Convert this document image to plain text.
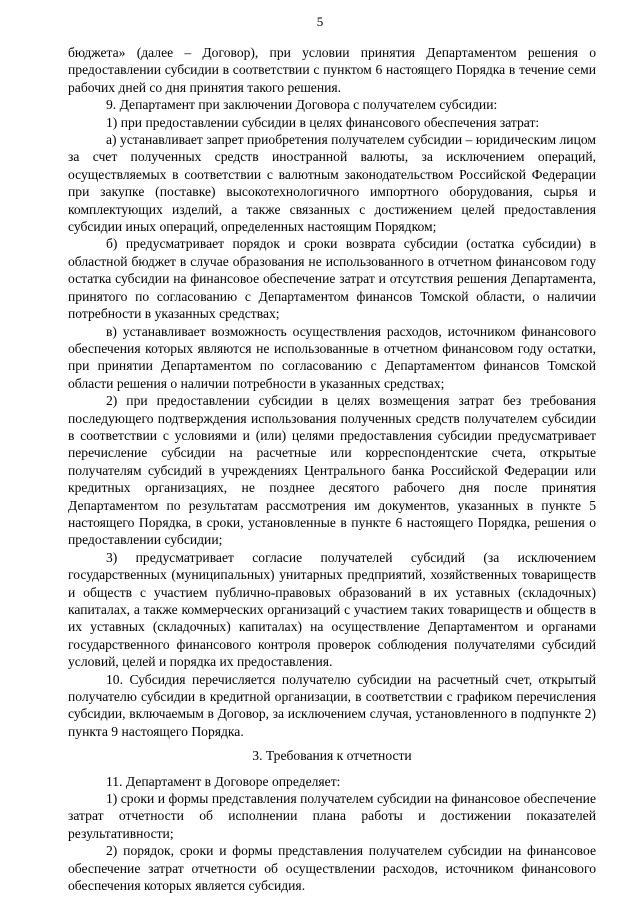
5

бюджета» (далее – Договор), при условии принятия Департаментом решения о предоставлении субсидии в соответствии с пунктом 6 настоящего Порядка в течение семи рабочих дней со дня принятия такого решения.

9. Департамент при заключении Договора с получателем субсидии:

1) при предоставлении субсидии в целях финансового обеспечения затрат:

а) устанавливает запрет приобретения получателем субсидии – юридическим лицом за счет полученных средств иностранной валюты, за исключением операций, осуществляемых в соответствии с валютным законодательством Российской Федерации при закупке (поставке) высокотехнологичного импортного оборудования, сырья и комплектующих изделий, а также связанных с достижением целей предоставления субсидии иных операций, определенных настоящим Порядком;

б) предусматривает порядок и сроки возврата субсидии (остатка субсидии) в областной бюджет в случае образования не использованного в отчетном финансовом году остатка субсидии на финансовое обеспечение затрат и отсутствия решения Департамента, принятого по согласованию с Департаментом финансов Томской области, о наличии потребности в указанных средствах;

в) устанавливает возможность осуществления расходов, источником финансового обеспечения которых являются не использованные в отчетном финансовом году остатки, при принятии Департаментом по согласованию с Департаментом финансов Томской области решения о наличии потребности в указанных средствах;

2) при предоставлении субсидии в целях возмещения затрат без требования последующего подтверждения использования полученных средств получателем субсидии в соответствии с условиями и (или) целями предоставления субсидии предусматривает перечисление субсидии на расчетные или корреспондентские счета, открытые получателям субсидий в учреждениях Центрального банка Российской Федерации или кредитных организациях, не позднее десятого рабочего дня после принятия Департаментом по результатам рассмотрения им документов, указанных в пункте 5 настоящего Порядка, в сроки, установленные в пункте 6 настоящего Порядка, решения о предоставлении субсидии;

3) предусматривает согласие получателей субсидий (за исключением государственных (муниципальных) унитарных предприятий, хозяйственных товариществ и обществ с участием публично-правовых образований в их уставных (складочных) капиталах, а также коммерческих организаций с участием таких товариществ и обществ в их уставных (складочных) капиталах) на осуществление Департаментом и органами государственного финансового контроля проверок соблюдения получателями субсидий условий, целей и порядка их предоставления.

10. Субсидия перечисляется получателю субсидии на расчетный счет, открытый получателю субсидии в кредитной организации, в соответствии с графиком перечисления субсидии, включаемым в Договор, за исключением случая, установленного в подпункте 2) пункта 9 настоящего Порядка.

3. Требования к отчетности

11. Департамент в Договоре определяет:

1) сроки и формы представления получателем субсидии на финансовое обеспечение затрат отчетности об исполнении плана работы и достижении показателей результативности;

2) порядок, сроки и формы представления получателем субсидии на финансовое обеспечение затрат отчетности об осуществлении расходов, источником финансового обеспечения которых является субсидия.
